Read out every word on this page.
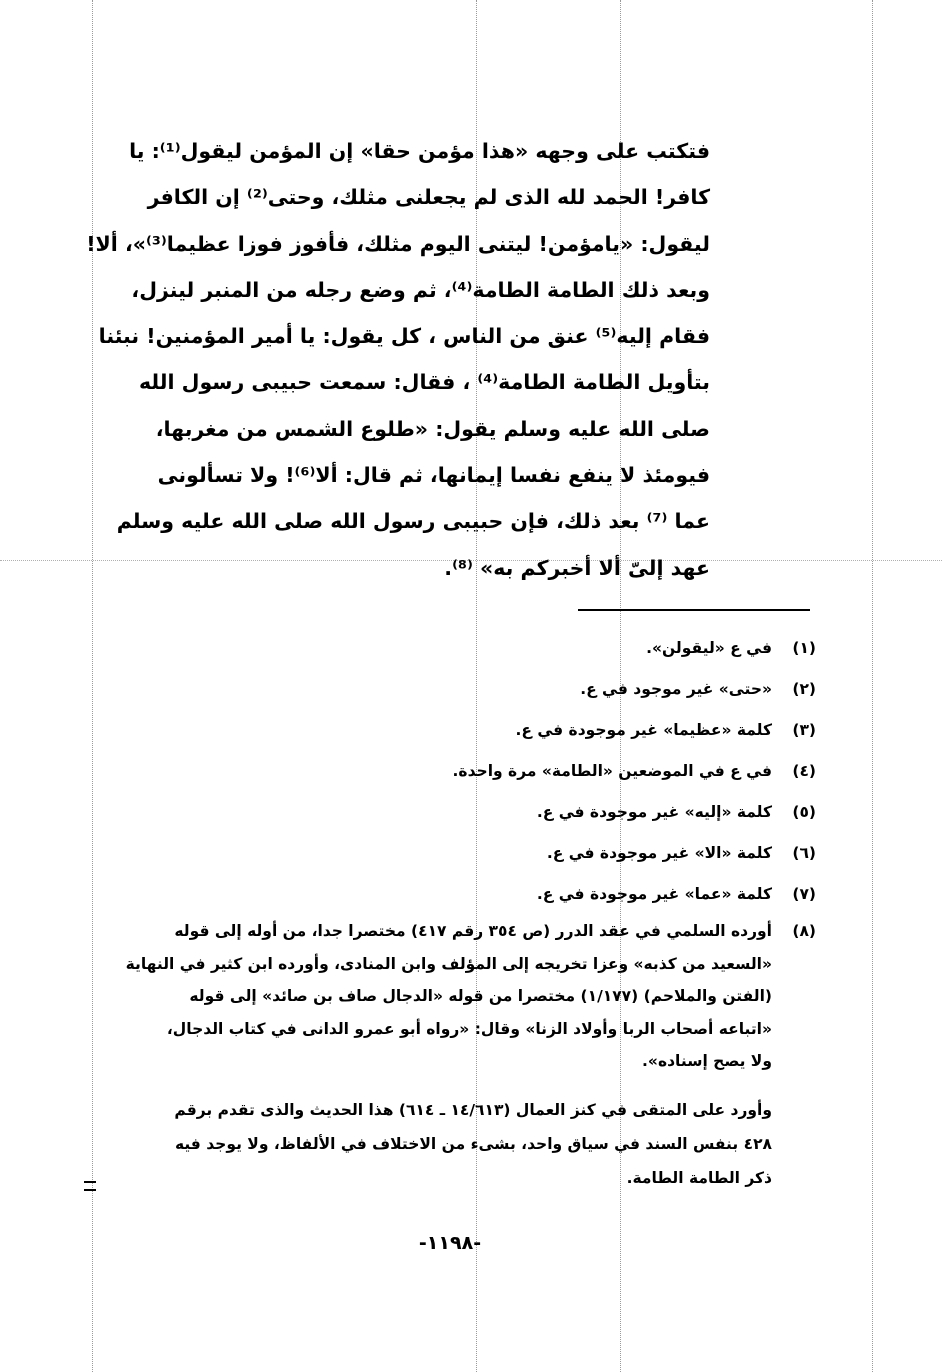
فتكتب على وجهه «هذا مؤمن حقا» إن المؤمن ليقول⁽¹⁾: يا
كافر! الحمد لله الذى لم يجعلنى مثلك، وحتى⁽²⁾ إن الكافر
ليقول: «يامؤمن! ليتنى اليوم مثلك، فأفوز فوزا عظيما⁽³⁾»، ألا!
وبعد ذلك الطامة الطامة⁽⁴⁾، ثم وضع رجله من المنبر لينزل،
فقام إليه⁽⁵⁾ عنق من الناس ، كل يقول: يا أمير المؤمنين! نبئنا
بتأويل الطامة الطامة⁽⁴⁾ ، فقال: سمعت حبيبى رسول الله
صلى الله عليه وسلم يقول: «طلوع الشمس من مغربها،
فيومئذ لا ينفع نفسا إيمانها، ثم قال: ألا⁽⁶⁾! ولا تسألونى
عما ⁽⁷⁾ بعد ذلك، فإن حبيبى رسول الله صلى الله عليه وسلم
عهد إلىّ ألا أخبركم به» ⁽⁸⁾.
(١)
في ع «ليقولن».
(٢)
«حتى» غير موجود في ع.
(٣)
كلمة «عظيما» غير موجودة في ع.
(٤)
في ع في الموضعين «الطامة» مرة واحدة.
(٥)
كلمة «إليه» غير موجودة في ع.
(٦)
كلمة «الا» غير موجودة في ع.
(٧)
كلمة «عما» غير موجودة في ع.
(٨)
أورده السلمي في عقد الدرر (ص ٣٥٤ رقم ٤١٧) مختصرا جدا، من أوله إلى قوله
«السعيد من كذبه» وعزا تخريجه إلى المؤلف وابن المنادى، وأورده ابن كثير في النهاية
(الفتن والملاحم) (١/١٧٧) مختصرا من قوله «الدجال صاف بن صائد» إلى قوله
«اتباعه أصحاب الربا وأولاد الزنا» وقال: «رواه أبو عمرو الدانى في كتاب الدجال،
ولا يصح إسناده».
وأورد على المتقى في كنز العمال (١٤/٦١٣ ـ ٦١٤) هذا الحديث والذى تقدم برقم
٤٢٨ بنفس السند في سياق واحد، بشىء من الاختلاف في الألفاظ، ولا يوجد فيه
ذكر الطامة الطامة.
-١١٩٨-
